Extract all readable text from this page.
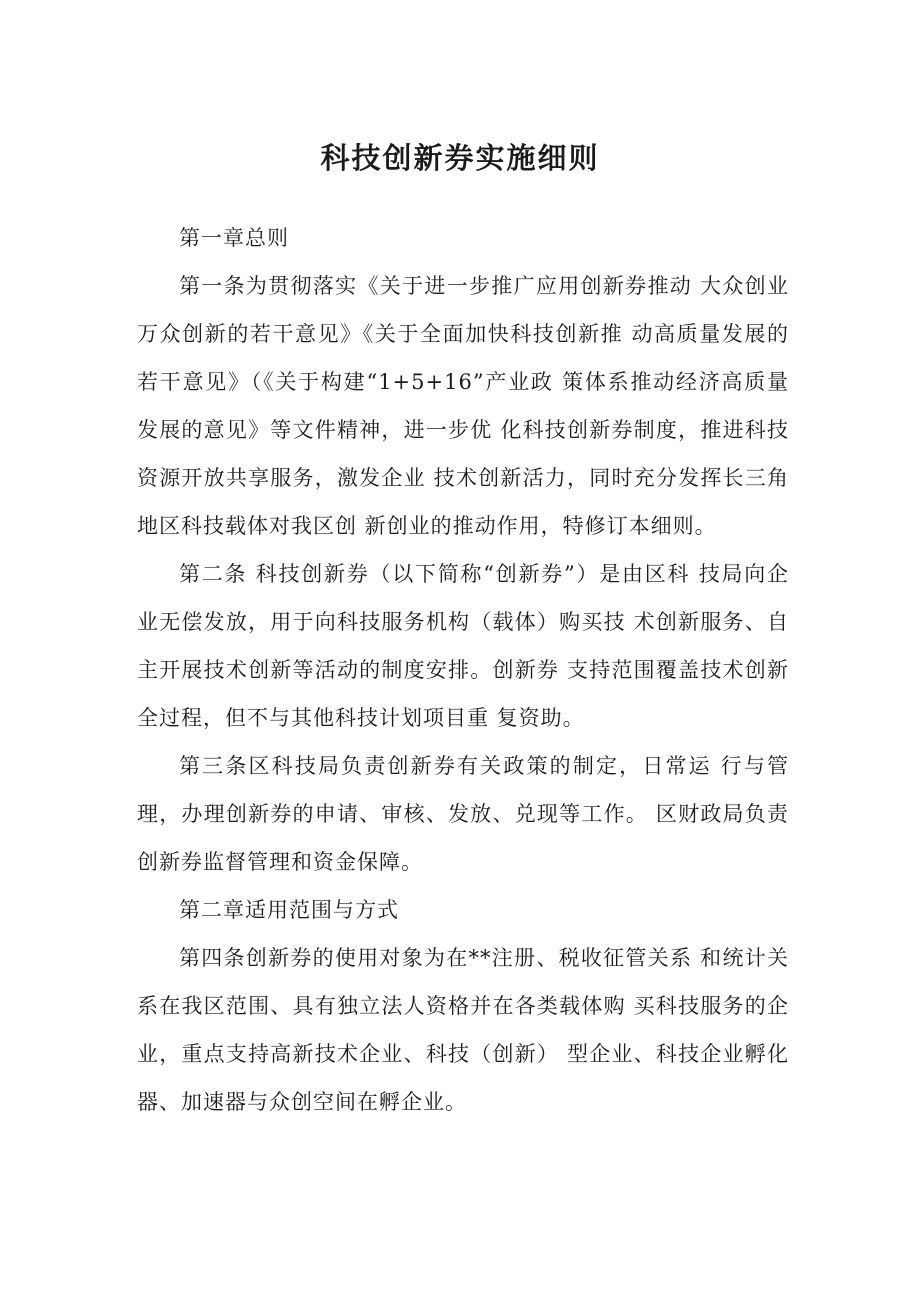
科技创新券实施细则

第一章总则

第一条为贯彻落实《关于进一步推广应用创新券推动 大众创业万众创新的若干意见》《关于全面加快科技创新推 动高质量发展的若干意见》（《关于构建“1+5+16”产业政 策体系推动经济高质量发展的意见》等文件精神，进一步优 化科技创新券制度，推进科技资源开放共享服务，激发企业 技术创新活力，同时充分发挥长三角地区科技载体对我区创 新创业的推动作用，特修订本细则。

第二条 科技创新券（以下简称“创新券”）是由区科 技局向企业无偿发放，用于向科技服务机构（载体）购买技 术创新服务、自主开展技术创新等活动的制度安排。创新券 支持范围覆盖技术创新全过程，但不与其他科技计划项目重 复资助。

第三条区科技局负责创新券有关政策的制定，日常运 行与管理，办理创新券的申请、审核、发放、兑现等工作。 区财政局负责创新券监督管理和资金保障。

第二章适用范围与方式

第四条创新券的使用对象为在**注册、税收征管关系 和统计关系在我区范围、具有独立法人资格并在各类载体购 买科技服务的企业，重点支持高新技术企业、科技（创新） 型企业、科技企业孵化器、加速器与众创空间在孵企业。
